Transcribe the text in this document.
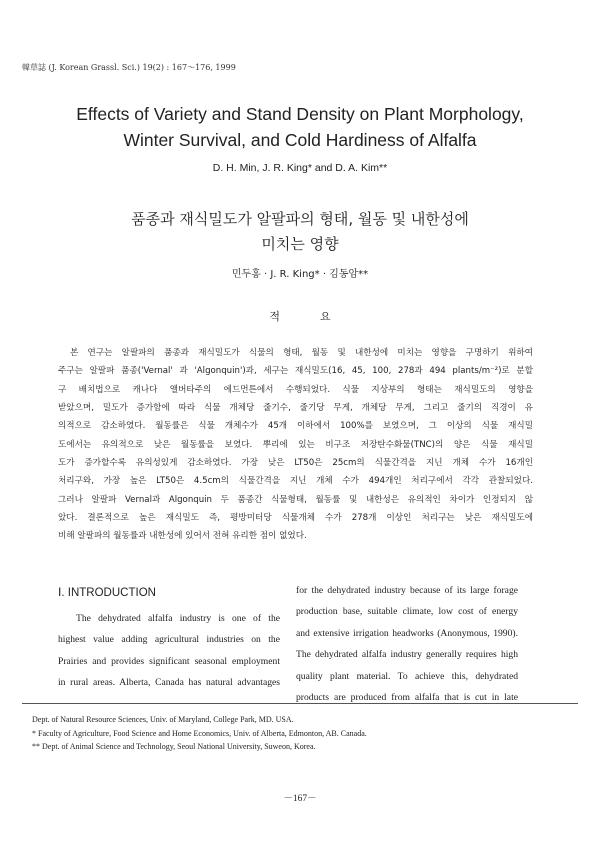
韓草誌 (J. Korean Grassl. Sci.) 19(2) : 167～176, 1999
Effects of Variety and Stand Density on Plant Morphology,
Winter Survival, and Cold Hardiness of Alfalfa
D. H. Min, J. R. King* and D. A. Kim**
품종과 재식밀도가 알팔파의 형태, 월동 및 내한성에
미치는 영향
민두홍 · J. R. King* · 김동암**
적	요
본 연구는 알팔파의 품종과 재식밀도가 식물의 형태, 월동 및 내한성에 미치는 영향을 구명하기 위하여
주구는 알팔파 품종('Vernal' 과 'Algonquin')과, 세구는 재식밀도(16, 45, 100, 278과 494 plants/m⁻²)로 분할
구 배치법으로 캐나다 앨버타주의 에드먼튼에서 수행되었다. 식물 지상부의 형태는 재식밀도의 영향을
받았으며, 밀도가 증가함에 따라 식물 개체당 줄기수, 줄기당 무게, 개체당 무게, 그리고 줄기의 직경이 유
의적으로 감소하였다. 월동률은 식물 개체수가 45개 이하에서 100%를 보였으며, 그 이상의 식물 재식밀
도에서는 유의적으로 낮은 월동률을 보였다. 뿌리에 있는 비구조 저장탄수화물(TNC)의 양은 식물 재식밀
도가 증가할수록 유의성있게 감소하였다. 가장 낮은 LT50은 25cm의 식물간격을 지닌 개체 수가 16개인
처리구와, 가장 높은 LT50은 4.5cm의 식물간격을 지닌 개체 수가 494개인 처리구에서 각각 관찰되었다.
그러나 알팔파 Vernal과 Algonquin 두 품종간 식물형태, 월동률 및 내한성은 유의적인 차이가 인정되지 않
았다. 결론적으로 높은 재식밀도 즉, 평방미터당 식물개체 수가 278개 이상인 처리구는 낮은 재식밀도에
비해 알팔파의 월동률과 내한성에 있어서 전혀 유리한 점이 없었다.
Ⅰ. INTRODUCTION
The dehydrated alfalfa industry is one of the
highest value adding agricultural industries on the
Prairies and provides significant seasonal employment
in rural areas. Alberta, Canada has natural advantages
for the dehydrated industry because of its large forage
production base, suitable climate, low cost of energy
and extensive irrigation headworks (Anonymous, 1990).
The dehydrated alfalfa industry generally requires high
quality plant material. To achieve this, dehydrated
products are produced from alfalfa that is cut in late
Dept. of Natural Resource Sciences, Univ. of Maryland, College Park, MD. USA.
* Faculty of Agriculture, Food Science and Home Economics, Univ. of Alberta, Edmonton, AB. Canada.
** Dept. of Animal Science and Technology, Seoul National University, Suweon, Korea.
－167－
